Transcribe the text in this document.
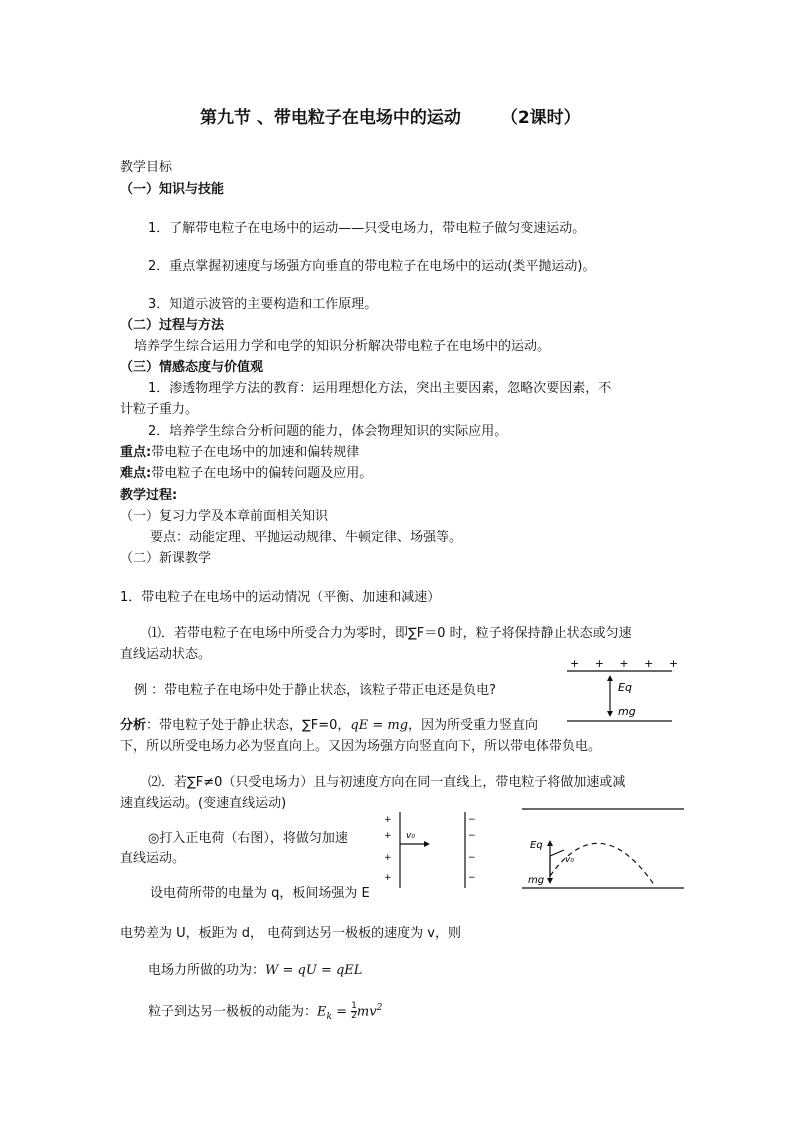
第九节 、带电粒子在电场中的运动 （2课时）
教学目标
（一）知识与技能
1．了解带电粒子在电场中的运动——只受电场力，带电粒子做匀变速运动。
2．重点掌握初速度与场强方向垂直的带电粒子在电场中的运动(类平抛运动)。
3．知道示波管的主要构造和工作原理。
（二）过程与方法
培养学生综合运用力学和电学的知识分析解决带电粒子在电场中的运动。
（三）情感态度与价值观
1．渗透物理学方法的教育：运用理想化方法，突出主要因素，忽略次要因素，不
计粒子重力。
2．培养学生综合分析问题的能力，体会物理知识的实际应用。
重点:带电粒子在电场中的加速和偏转规律
难点:带电粒子在电场中的偏转问题及应用。
教学过程:
（一）复习力学及本章前面相关知识
要点：动能定理、平抛运动规律、牛顿定律、场强等。
（二）新课教学
1．带电粒子在电场中的运动情况（平衡、加速和减速）
⑴．若带电粒子在电场中所受合力为零时，即∑F＝0 时，粒子将保持静止状态或匀速
直线运动状态。
例 ：带电粒子在电场中处于静止状态，该粒子带正电还是负电?
分析：带电粒子处于静止状态，∑F=0，qE = mg，因为所受重力竖直向
下，所以所受电场力必为竖直向上。又因为场强方向竖直向下，所以带电体带负电。
⑵．若∑F≠0（只受电场力）且与初速度方向在同一直线上，带电粒子将做加速或减
速直线运动。(变速直线运动)
◎打入正电荷（右图），将做匀加速
直线运动。
设电荷所带的电量为 q，板间场强为 E
电势差为 U，板距为 d， 电荷到达另一极板的速度为 v，则
电场力所做的功为：W = qU = qEL
粒子到达另一极板的动能为：$E_k = \frac{1}{2} mv^2$
+ + + + +
Eq
mg
+
+
+
+
v₀
−
−
−
−
Eq
v₀
mg
